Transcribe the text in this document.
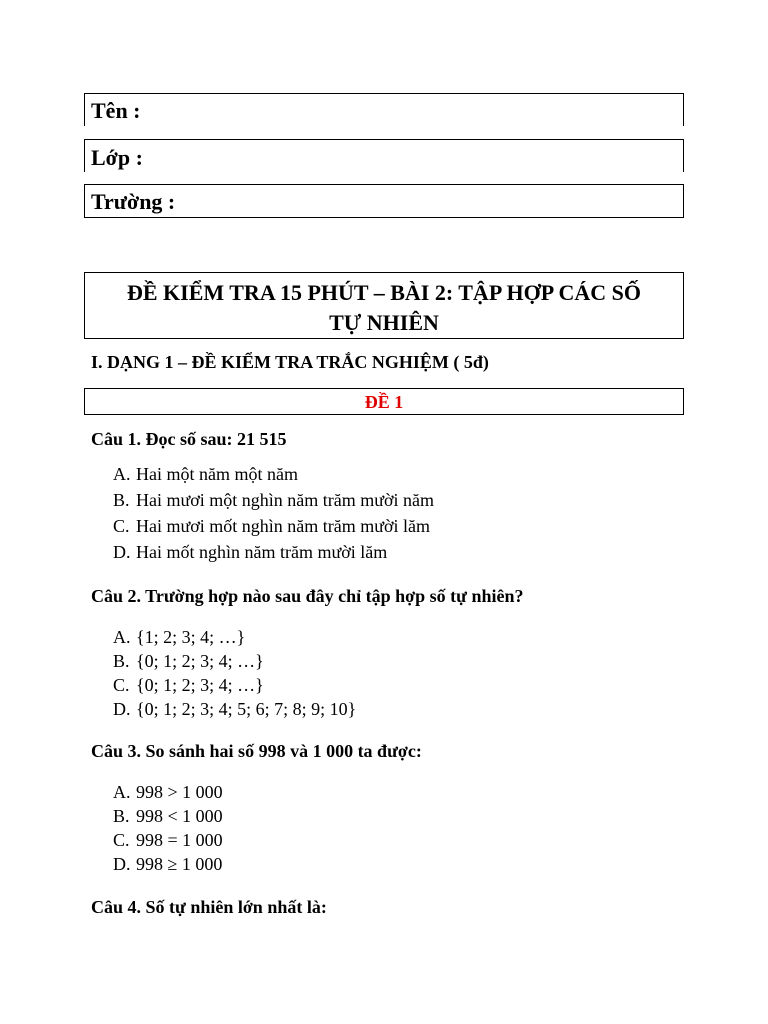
Tên :
Lớp :
Trường :
ĐỀ KIỂM TRA 15 PHÚT – BÀI 2: TẬP HỢP CÁC SỐ
TỰ NHIÊN
I. DẠNG 1 – ĐỀ KIỂM TRA TRẮC NGHIỆM ( 5đ)
ĐỀ 1
Câu 1. Đọc số sau: 21 515
A. Hai một năm một năm
B. Hai mươi một nghìn năm trăm mười năm
C. Hai mươi mốt nghìn năm trăm mười lăm
D. Hai mốt nghìn năm trăm mười lăm
Câu 2. Trường hợp nào sau đây chỉ tập hợp số tự nhiên?
A. {1; 2; 3; 4; …}
B. {0; 1; 2; 3; 4; …}
C. {0; 1; 2; 3; 4; …}
D. {0; 1; 2; 3; 4; 5; 6; 7; 8; 9; 10}
Câu 3. So sánh hai số 998 và 1 000 ta được:
A. 998 > 1 000
B. 998 < 1 000
C. 998 = 1 000
D. 998 ≥ 1 000
Câu 4. Số tự nhiên lớn nhất là:
